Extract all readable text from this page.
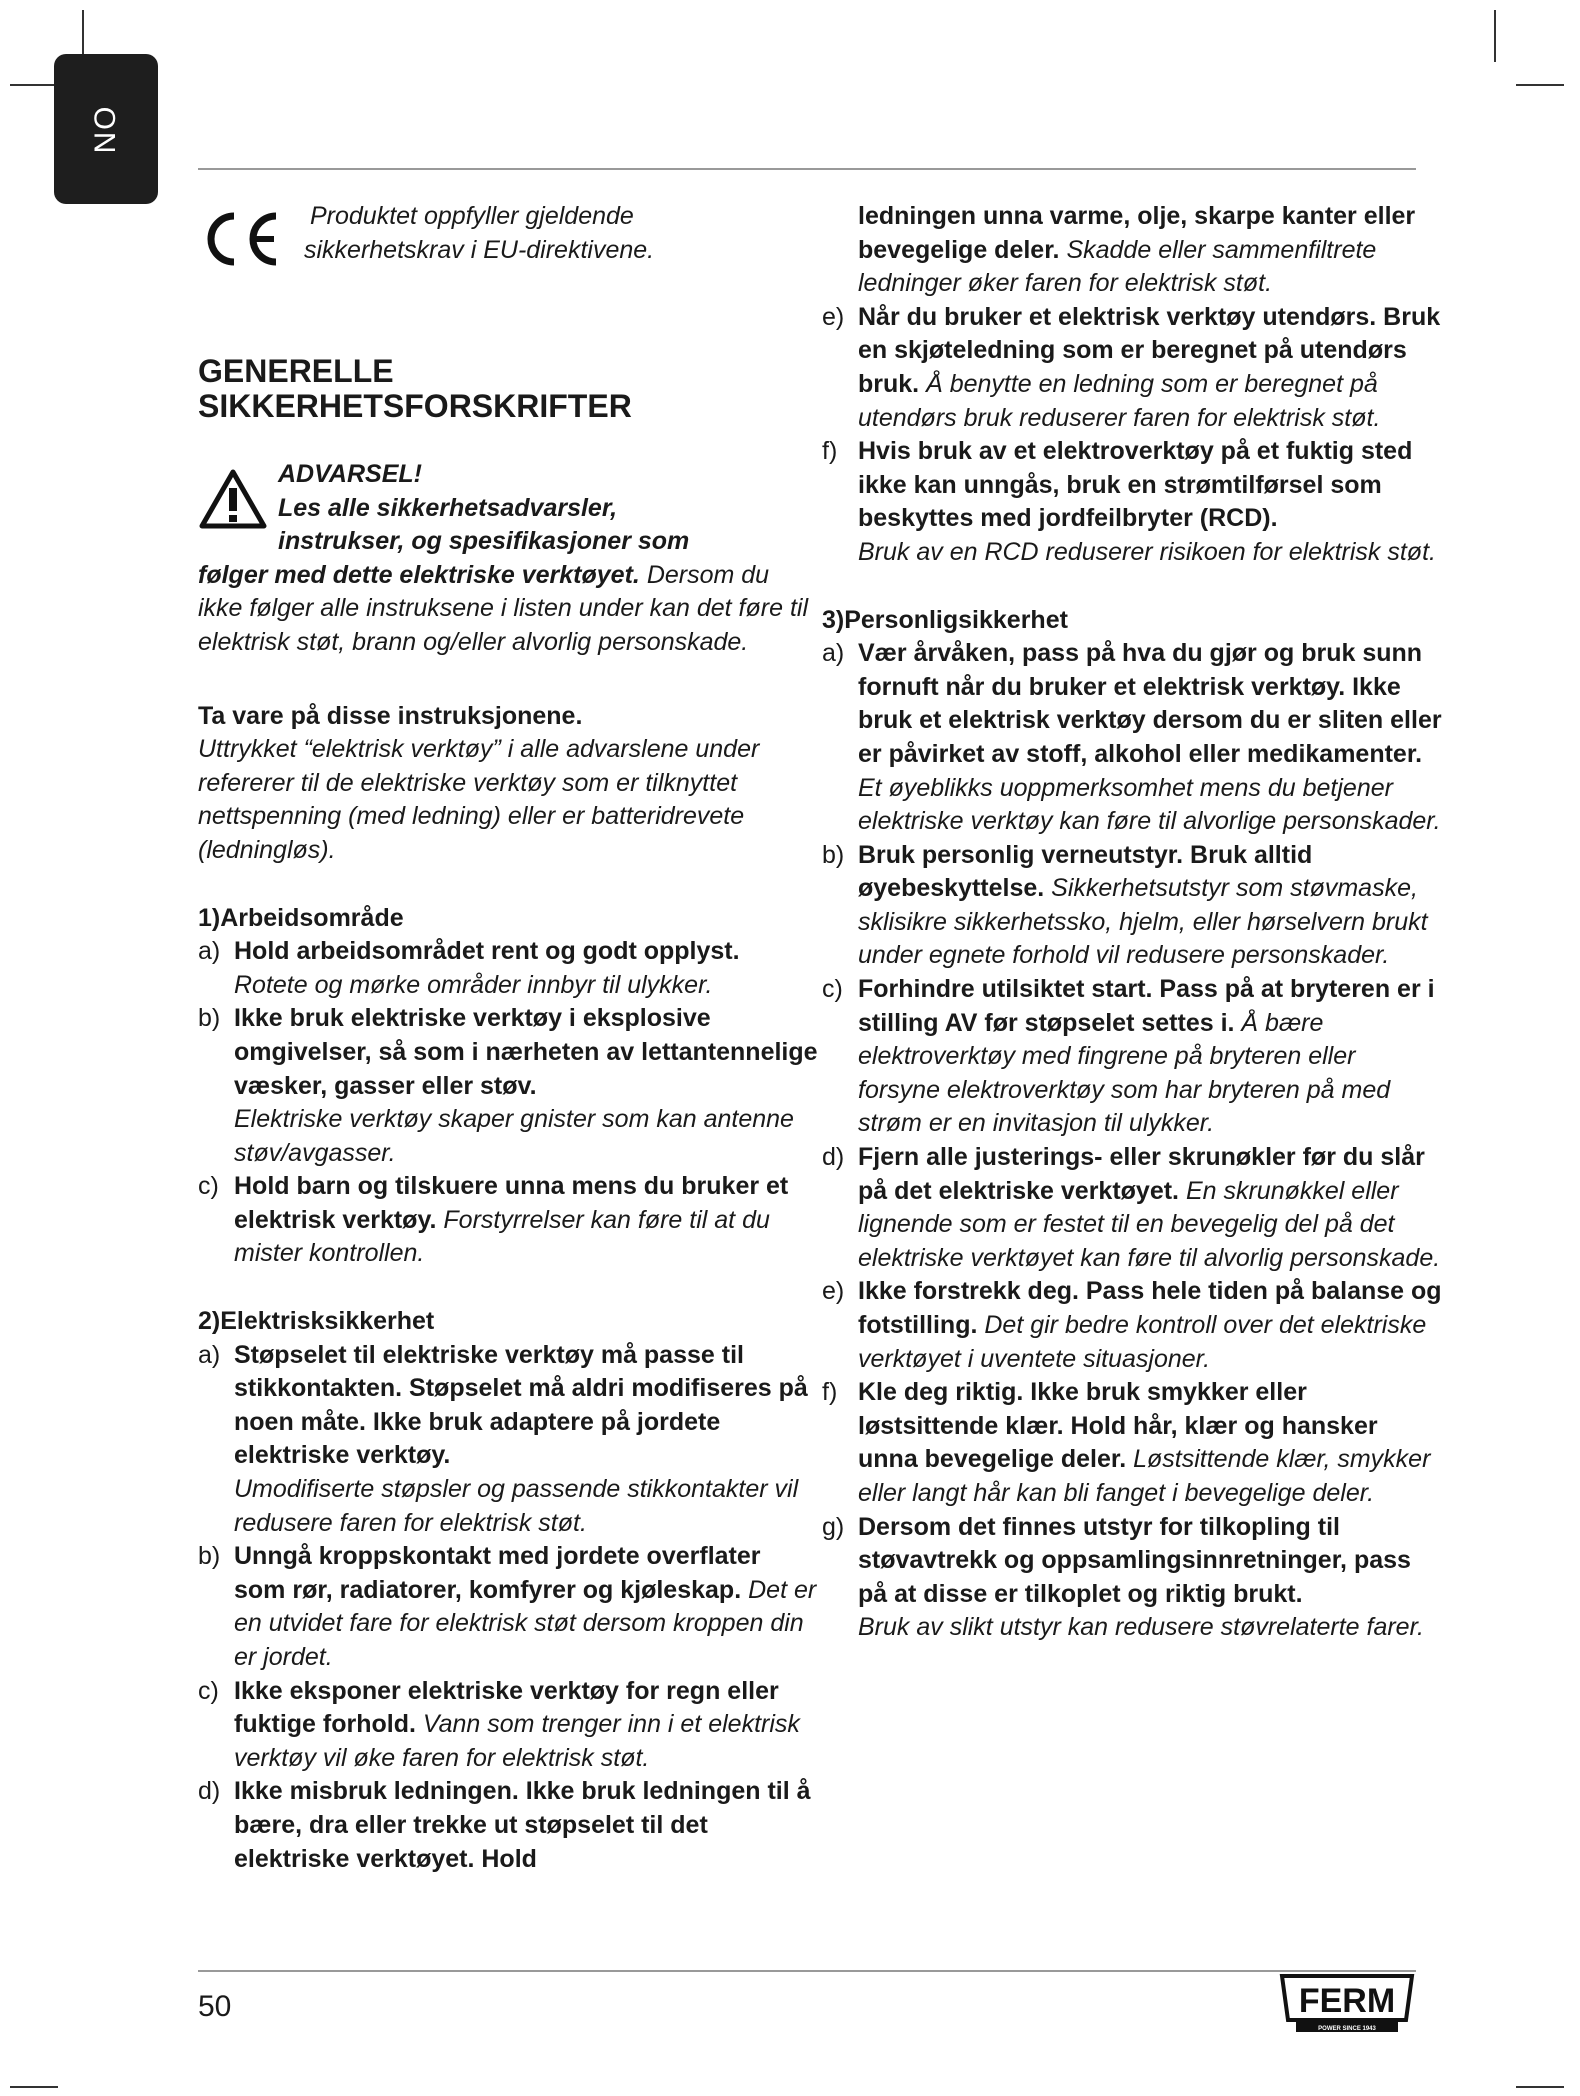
NO

Produktet oppfyller gjeldende

sikkerhetskrav i EU-direktivene.

GENERELLE

SIKKERHETSFORSKRIFTER

ADVARSEL!

Les alle sikkerhetsadvarsler,

instrukser, og spesifikasjoner som

følger med dette elektriske verktøyet. Dersom du ikke følger alle instruksene i listen under kan det føre til elektrisk støt, brann og/eller alvorlig personskade.

Ta vare på disse instruksjonene.

Uttrykket “elektrisk verktøy” i alle advarslene under refererer til de elektriske verktøy som er tilknyttet nettspenning (med ledning) eller er batteridrevete (ledningløs).

1)Arbeidsområde

a) Hold arbeidsområdet rent og godt opplyst.
Rotete og mørke områder innbyr til ulykker.

b) Ikke bruk elektriske verktøy i eksplosive omgivelser, så som i nærheten av lettantennelige væsker, gasser eller støv.
Elektriske verktøy skaper gnister som kan antenne støv/avgasser.

c) Hold barn og tilskuere unna mens du bruker et elektrisk verktøy. Forstyrrelser kan føre til at du mister kontrollen.

2)Elektrisksikkerhet

a) Støpselet til elektriske verktøy må passe til stikkontakten. Støpselet må aldri modifiseres på noen måte. Ikke bruk adaptere på jordete elektriske verktøy.
Umodifiserte støpsler og passende stikkontakter vil redusere faren for elektrisk støt.

b) Unngå kroppskontakt med jordete overflater som rør, radiatorer, komfyrer og kjøleskap. Det er en utvidet fare for elektrisk støt dersom kroppen din er jordet.

c) Ikke eksponer elektriske verktøy for regn eller fuktige forhold. Vann som trenger inn i et elektrisk verktøy vil øke faren for elektrisk støt.

d) Ikke misbruk ledningen. Ikke bruk ledningen til å bære, dra eller trekke ut støpselet til det elektriske verktøyet. Hold

ledningen unna varme, olje, skarpe kanter eller bevegelige deler. Skadde eller sammenfiltrete ledninger øker faren for elektrisk støt.

e) Når du bruker et elektrisk verktøy utendørs. Bruk en skjøteledning som er beregnet på utendørs bruk. Å benytte en ledning som er beregnet på utendørs bruk reduserer faren for elektrisk støt.

f) Hvis bruk av et elektroverktøy på et fuktig sted ikke kan unngås, bruk en strømtilførsel som beskyttes med jordfeilbryter (RCD).
Bruk av en RCD reduserer risikoen for elektrisk støt.

3)Personligsikkerhet

a) Vær årvåken, pass på hva du gjør og bruk sunn fornuft når du bruker et elektrisk verktøy. Ikke bruk et elektrisk verktøy dersom du er sliten eller er påvirket av stoff, alkohol eller medikamenter. Et øyeblikks uoppmerksomhet mens du betjener elektriske verktøy kan føre til alvorlige personskader.

b) Bruk personlig verneutstyr. Bruk alltid øyebeskyttelse. Sikkerhetsutstyr som støvmaske, sklisikre sikkerhetssko, hjelm, eller hørselvern brukt under egnete forhold vil redusere personskader.

c) Forhindre utilsiktet start. Pass på at bryteren er i stilling AV før støpselet settes i. Å bære elektroverktøy med fingrene på bryteren eller forsyne elektroverktøy som har bryteren på med strøm er en invitasjon til ulykker.

d) Fjern alle justerings- eller skrunøkler før du slår på det elektriske verktøyet. En skrunøkkel eller lignende som er festet til en bevegelig del på det elektriske verktøyet kan føre til alvorlig personskade.

e) Ikke forstrekk deg. Pass hele tiden på balanse og fotstilling. Det gir bedre kontroll over det elektriske verktøyet i uventete situasjoner.

f) Kle deg riktig. Ikke bruk smykker eller løstsittende klær. Hold hår, klær og hansker unna bevegelige deler. Løstsittende klær, smykker eller langt hår kan bli fanget i bevegelige deler.

g) Dersom det finnes utstyr for tilkopling til støvavtrekk og oppsamlingsinnretninger, pass på at disse er tilkoplet og riktig brukt.
Bruk av slikt utstyr kan redusere støvrelaterte farer.

50	FERM
POWER SINCE 1943
